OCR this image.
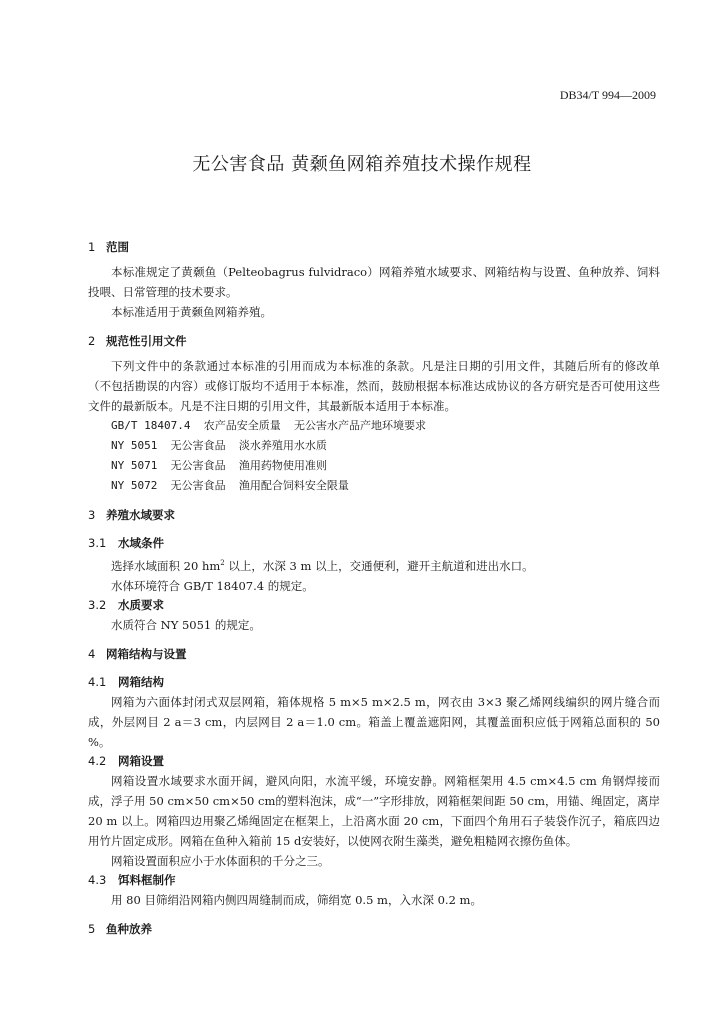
DB34/T 994—2009
无公害食品 黄颡鱼网箱养殖技术操作规程
1 范围

本标准规定了黄颡鱼（Pelteobagrus fulvidraco）网箱养殖水域要求、网箱结构与设置、鱼种放养、饲料投喂、日常管理的技术要求。

本标准适用于黄颡鱼网箱养殖。

2 规范性引用文件

下列文件中的条款通过本标准的引用而成为本标准的条款。凡是注日期的引用文件，其随后所有的修改单（不包括勘误的内容）或修订版均不适用于本标准，然而，鼓励根据本标准达成协议的各方研究是否可使用这些文件的最新版本。凡是不注日期的引用文件，其最新版本适用于本标准。

GB/T 18407.4  农产品安全质量  无公害水产品产地环境要求

NY 5051  无公害食品  淡水养殖用水水质

NY 5071  无公害食品  渔用药物使用准则

NY 5072  无公害食品  渔用配合饲料安全限量

3 养殖水域要求
3.1 水域条件

选择水域面积 20 $hm^2$ 以上，水深 3 m 以上，交通便利，避开主航道和进出水口。

水体环境符合 GB/T 18407.4 的规定。

3.2 水质要求

水质符合 NY 5051 的规定。

4 网箱结构与设置
4.1 网箱结构

网箱为六面体封闭式双层网箱，箱体规格 5 m×5 m×2.5 m，网衣由 3×3 聚乙烯网线编织的网片缝合而成，外层网目 2 a＝3 cm，内层网目 2 a＝1.0 cm。箱盖上覆盖遮阳网，其覆盖面积应低于网箱总面积的 50 %。

4.2 网箱设置

网箱设置水域要求水面开阔，避风向阳，水流平缓，环境安静。网箱框架用 4.5 cm×4.5 cm 角钢焊接而成，浮子用 50 cm×50 cm×50 cm的塑料泡沫，成“一”字形排放，网箱框架间距 50 cm，用锚、绳固定，离岸 20 m 以上。网箱四边用聚乙烯绳固定在框架上，上沿离水面 20 cm，下面四个角用石子装袋作沉子，箱底四边用竹片固定成形。网箱在鱼种入箱前 15 d安装好，以使网衣附生藻类，避免粗糙网衣擦伤鱼体。

网箱设置面积应小于水体面积的千分之三。

4.3 饵料框制作

用 80 目筛绢沿网箱内侧四周缝制而成，筛绢宽 0.5 m，入水深 0.2 m。

5 鱼种放养
